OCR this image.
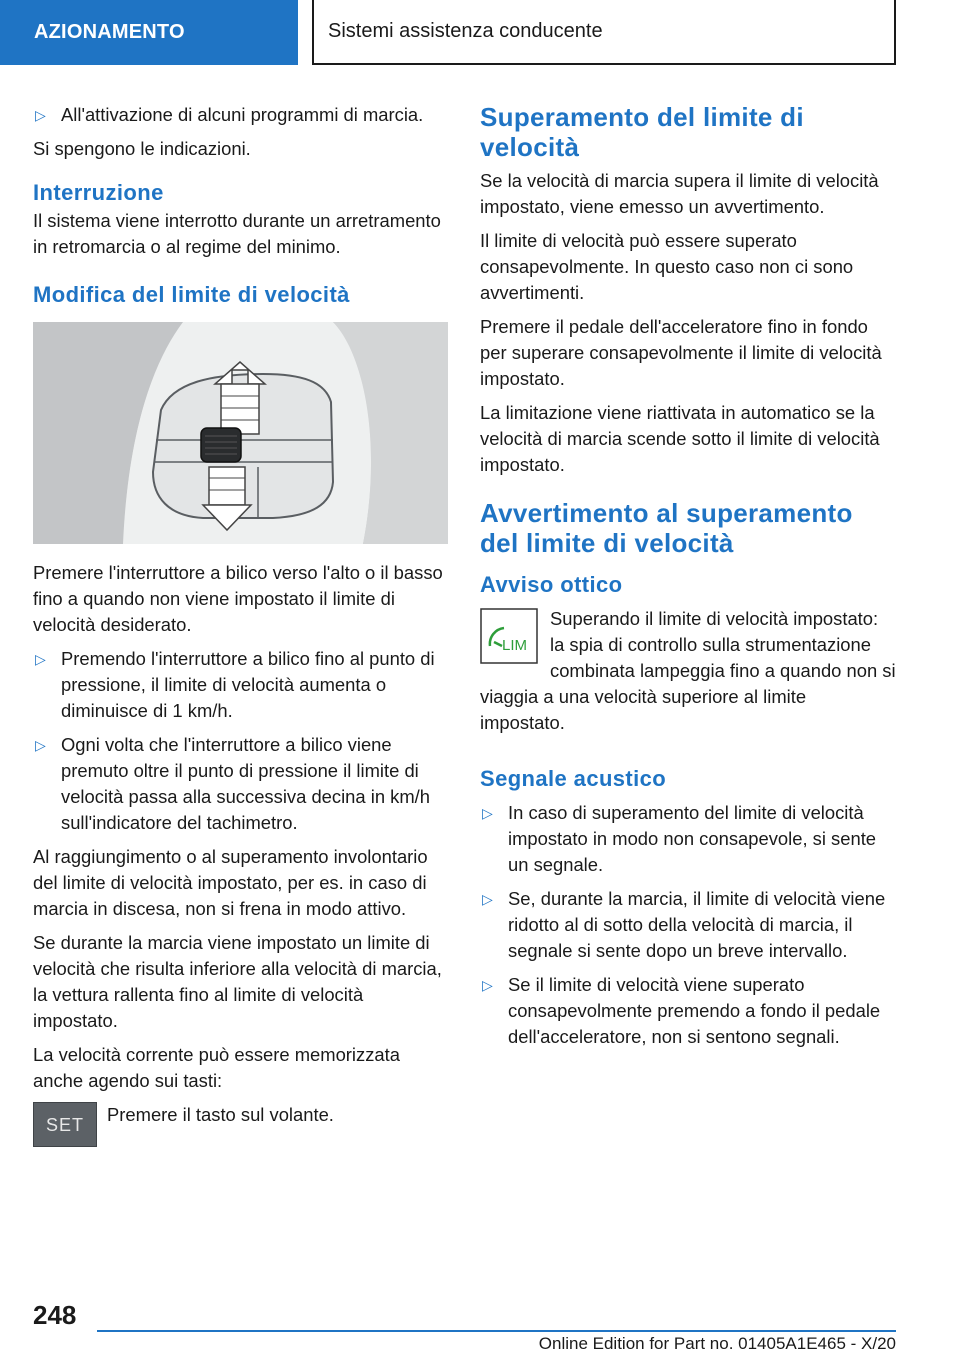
AZIONAMENTO	Sistemi assistenza conducente
▷ All'attivazione di alcuni programmi di marcia.

Si spengono le indicazioni.

Interruzione

Il sistema viene interrotto durante un arretramento in retromarcia o al regime del minimo.

Modifica del limite di velocità

Premere l'interruttore a bilico verso l'alto o il basso fino a quando non viene impostato il limite di velocità desiderato.

▷ Premendo l'interruttore a bilico fino al punto di pressione, il limite di velocità aumenta o diminuisce di 1 km/h.
▷ Ogni volta che l'interruttore a bilico viene premuto oltre il punto di pressione il limite di velocità passa alla successiva decina in km/h sull'indicatore del tachimetro.

Al raggiungimento o al superamento involontario del limite di velocità impostato, per es. in caso di marcia in discesa, non si frena in modo attivo.

Se durante la marcia viene impostato un limite di velocità che risulta inferiore alla velocità di marcia, la vettura rallenta fino al limite di velocità impostato.

La velocità corrente può essere memorizzata anche agendo sui tasti:

SET Premere il tasto sul volante.
Superamento del limite di velocità

Se la velocità di marcia supera il limite di velocità impostato, viene emesso un avvertimento.

Il limite di velocità può essere superato consapevolmente. In questo caso non ci sono avvertimenti.

Premere il pedale dell'acceleratore fino in fondo per superare consapevolmente il limite di velocità impostato.

La limitazione viene riattivata in automatico se la velocità di marcia scende sotto il limite di velocità impostato.

Avvertimento al superamento del limite di velocità
Avviso ottico
LIM
Superando il limite di velocità impostato: la spia di controllo sulla strumentazione combinata lampeggia fino a quando non si viaggia a una velocità superiore al limite impostato.
Segnale acustico
▷ In caso di superamento del limite di velocità impostato in modo non consapevole, si sente un segnale.
▷ Se, durante la marcia, il limite di velocità viene ridotto al di sotto della velocità di marcia, il segnale si sente dopo un breve intervallo.
▷ Se il limite di velocità viene superato consapevolmente premendo a fondo il pedale dell'acceleratore, non si sentono segnali.
248
Online Edition for Part no. 01405A1E465 - X/20
